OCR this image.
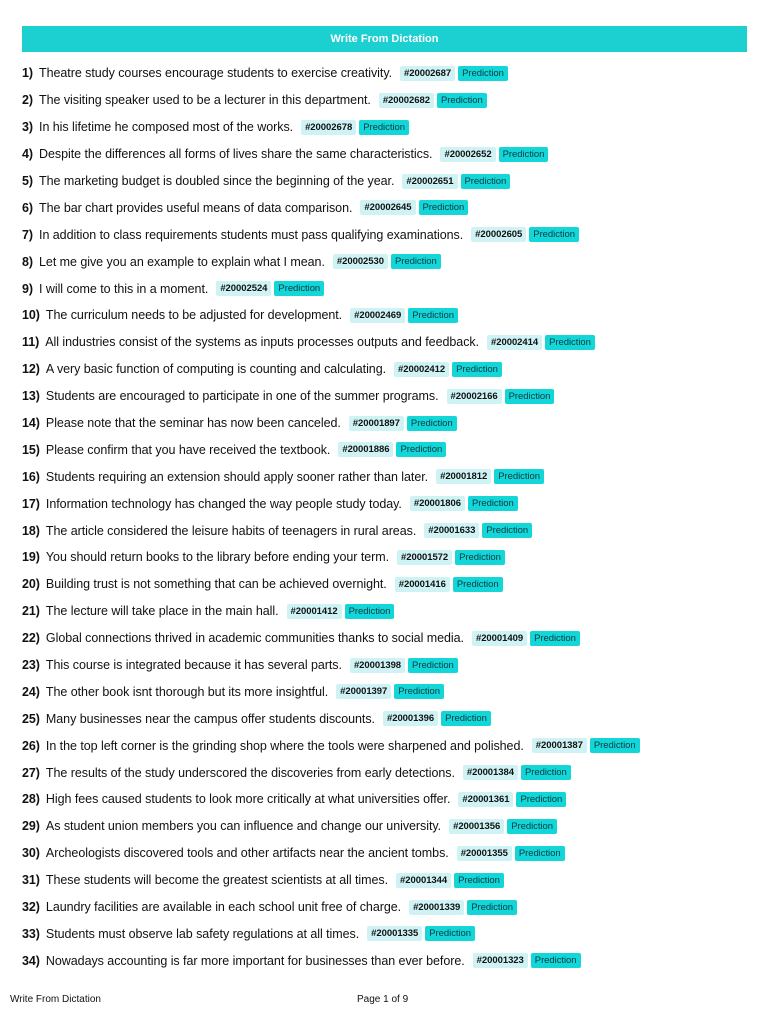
Write From Dictation
1) Theatre study courses encourage students to exercise creativity.	#20002687	Prediction
2) The visiting speaker used to be a lecturer in this department.	#20002682	Prediction
3) In his lifetime he composed most of the works.	#20002678	Prediction
4) Despite the differences all forms of lives share the same characteristics.	#20002652	Prediction
5) The marketing budget is doubled since the beginning of the year.	#20002651	Prediction
6) The bar chart provides useful means of data comparison.	#20002645	Prediction
7) In addition to class requirements students must pass qualifying examinations.	#20002605	Prediction
8) Let me give you an example to explain what I mean.	#20002530	Prediction
9) I will come to this in a moment.	#20002524	Prediction
10) The curriculum needs to be adjusted for development.	#20002469	Prediction
11) All industries consist of the systems as inputs processes outputs and feedback.	#20002414	Prediction
12) A very basic function of computing is counting and calculating.	#20002412	Prediction
13) Students are encouraged to participate in one of the summer programs.	#20002166	Prediction
14) Please note that the seminar has now been canceled.	#20001897	Prediction
15) Please confirm that you have received the textbook.	#20001886	Prediction
16) Students requiring an extension should apply sooner rather than later.	#20001812	Prediction
17) Information technology has changed the way people study today.	#20001806	Prediction
18) The article considered the leisure habits of teenagers in rural areas.	#20001633	Prediction
19) You should return books to the library before ending your term.	#20001572	Prediction
20) Building trust is not something that can be achieved overnight.	#20001416	Prediction
21) The lecture will take place in the main hall.	#20001412	Prediction
22) Global connections thrived in academic communities thanks to social media.	#20001409	Prediction
23) This course is integrated because it has several parts.	#20001398	Prediction
24) The other book isnt thorough but its more insightful.	#20001397	Prediction
25) Many businesses near the campus offer students discounts.	#20001396	Prediction
26) In the top left corner is the grinding shop where the tools were sharpened and polished.	#20001387	Prediction
27) The results of the study underscored the discoveries from early detections.	#20001384	Prediction
28) High fees caused students to look more critically at what universities offer.	#20001361	Prediction
29) As student union members you can influence and change our university.	#20001356	Prediction
30) Archeologists discovered tools and other artifacts near the ancient tombs.	#20001355	Prediction
31) These students will become the greatest scientists at all times.	#20001344	Prediction
32) Laundry facilities are available in each school unit free of charge.	#20001339	Prediction
33) Students must observe lab safety regulations at all times.	#20001335	Prediction
34) Nowadays accounting is far more important for businesses than ever before.	#20001323	Prediction
Write From Dictation	Page 1 of 9
